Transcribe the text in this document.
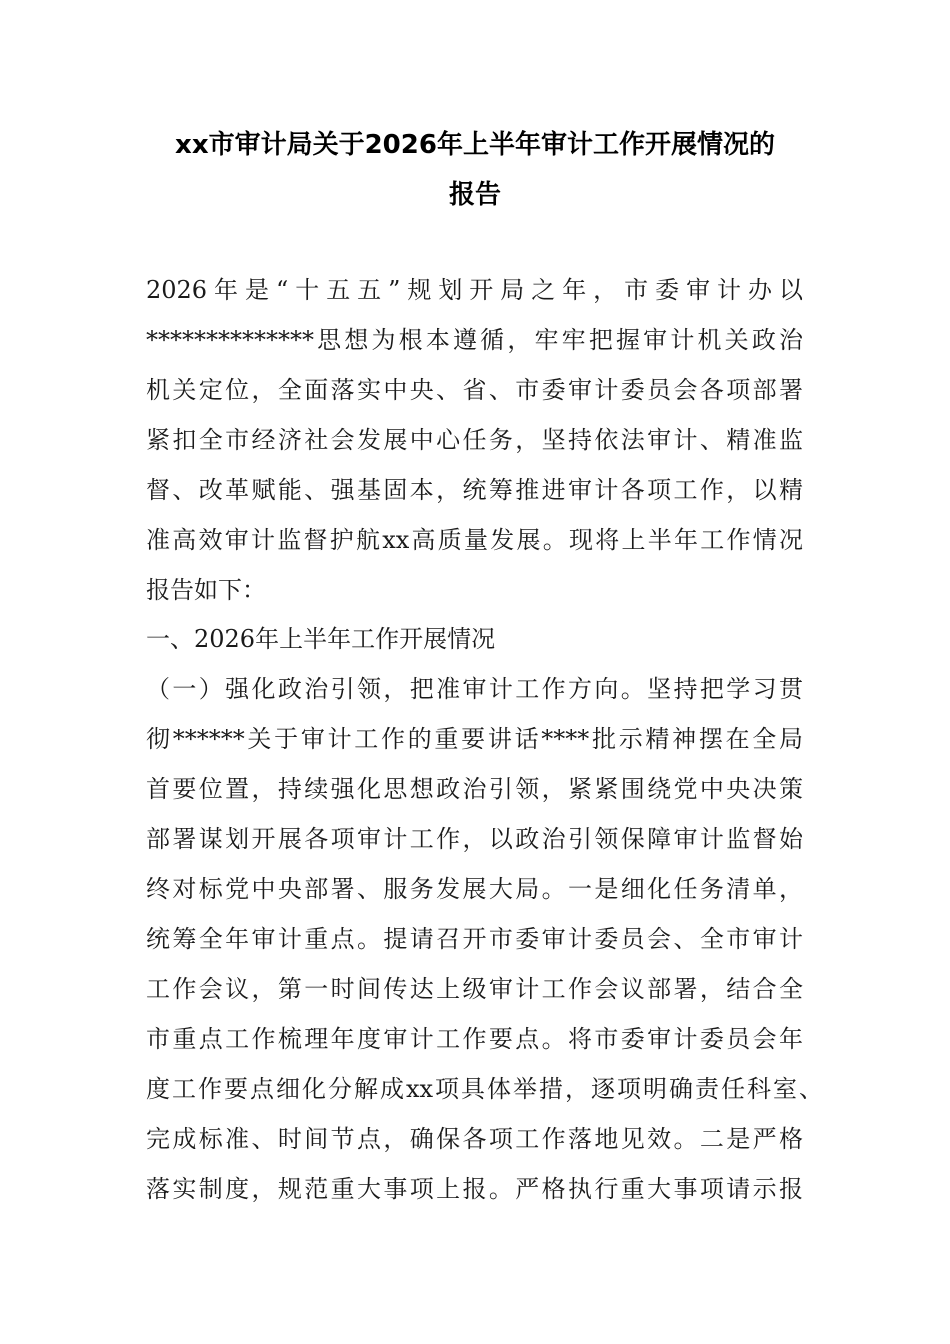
xx市审计局关于2026年上半年审计工作开展情况的
报告
2026年是“十五五”规划开局之年，市委审计办以
**************思想为根本遵循，牢牢把握审计机关政治
机关定位，全面落实中央、省、市委审计委员会各项部署
紧扣全市经济社会发展中心任务，坚持依法审计、精准监
督、改革赋能、强基固本，统筹推进审计各项工作，以精
准高效审计监督护航xx高质量发展。现将上半年工作情况
报告如下：
一、2026年上半年工作开展情况
（一）强化政治引领，把准审计工作方向。坚持把学习贯
彻******关于审计工作的重要讲话****批示精神摆在全局
首要位置，持续强化思想政治引领，紧紧围绕党中央决策
部署谋划开展各项审计工作，以政治引领保障审计监督始
终对标党中央部署、服务发展大局。一是细化任务清单，
统筹全年审计重点。提请召开市委审计委员会、全市审计
工作会议，第一时间传达上级审计工作会议部署，结合全
市重点工作梳理年度审计工作要点。将市委审计委员会年
度工作要点细化分解成xx项具体举措，逐项明确责任科室、
完成标准、时间节点，确保各项工作落地见效。二是严格
落实制度，规范重大事项上报。严格执行重大事项请示报
